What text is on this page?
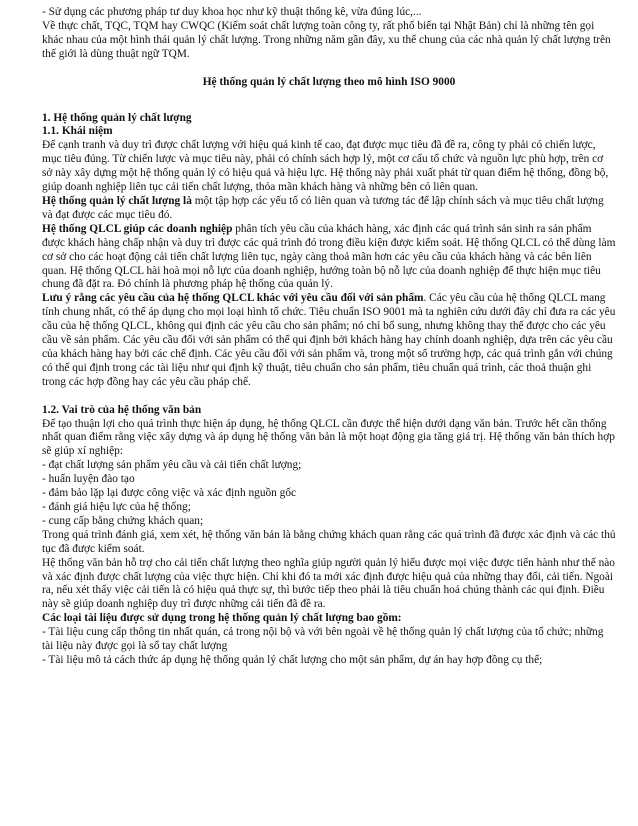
- Sử dụng các phương pháp tư duy khoa học như kỹ thuật thống kê, vừa đúng lúc,...

Về thực chất, TQC, TQM hay CWQC (Kiểm soát chất lượng toàn công ty, rất phổ biến tại Nhật Bản) chỉ là những tên gọi khác nhau của một hình thái quản lý chất lượng. Trong những năm gần đây, xu thế chung của các nhà quản lý chất lượng trên thế giới là dùng thuật ngữ TQM.

Hệ thống quản lý chất lượng theo mô hình ISO 9000

1. Hệ thống quản lý chất lượng

1.1. Khái niệm

Để cạnh tranh và duy trì được chất lượng với hiệu quả kinh tế cao, đạt được mục tiêu đã đề ra, công ty phải có chiến lược, mục tiêu đúng. Từ chiến lược và mục tiêu này, phải có chính sách hợp lý, một cơ cấu tổ chức và nguồn lực phù hợp, trên cơ sở này xây dựng một hệ thống quản lý có hiệu quả và hiệu lực. Hệ thống này phải xuất phát từ quan điểm hệ thống, đồng bộ, giúp doanh nghiệp liên tục cải tiến chất lượng, thỏa mãn khách hàng và những bên có liên quan.

Hệ thống quản lý chất lượng là một tập hợp các yếu tố có liên quan và tương tác để lập chính sách và mục tiêu chất lượng và đạt được các mục tiêu đó.

Hệ thống QLCL giúp các doanh nghiệp phân tích yêu cầu của khách hàng, xác định các quá trình sản sinh ra sản phẩm được khách hàng chấp nhận và duy trì được các quá trình đó trong điều kiện được kiểm soát. Hệ thống QLCL có thể dùng làm cơ sở cho các hoạt động cải tiến chất lượng liên tục, ngày càng thoả mãn hơn các yêu cầu của khách hàng và các bên liên quan. Hệ thống QLCL hài hoà mọi nỗ lực của doanh nghiệp, hướng toàn bộ nỗ lực của doanh nghiệp để thực hiện mục tiêu chung đã đặt ra. Đó chính là phương pháp hệ thống của quản lý.

Lưu ý rằng các yêu cầu của hệ thống QLCL khác với yêu cầu đối với sản phẩm. Các yêu cầu của hệ thống QLCL mang tính chung nhất, có thể áp dụng cho mọi loại hình tổ chức. Tiêu chuẩn ISO 9001 mà ta nghiên cứu dưới đây chỉ đưa ra các yêu cầu của hệ thống QLCL, không qui định các yêu cầu cho sản phẩm; nó chỉ bổ sung, nhưng không thay thế được cho các yêu cầu về sản phẩm. Các yêu cầu đối với sản phẩm có thể qui định bởi khách hàng hay chính doanh nghiệp, dựa trên các yêu cầu của khách hàng hay bởi các chế định. Các yêu cầu đối với sản phẩm và, trong một số trường hợp, các quá trình gắn với chúng có thể qui định trong các tài liệu như qui định kỹ thuật, tiêu chuẩn cho sản phẩm, tiêu chuẩn quá trình, các thoả thuận ghi trong các hợp đồng hay các yêu cầu pháp chế.

1.2. Vai trò của hệ thống văn bản

Để tạo thuận lợi cho quá trình thực hiện áp dụng, hệ thống QLCL cần được thể hiện dưới dạng văn bản. Trước hết cần thống nhất quan điểm rằng việc xây dựng và áp dụng hệ thống văn bản là một hoạt động gia tăng giá trị. Hệ thống văn bản thích hợp sẽ giúp xí nghiệp:

- đạt chất lượng sản phẩm yêu cầu và cải tiến chất lượng;

- huấn luyện đào tạo

- đảm bảo lặp lại được công việc và xác định nguồn gốc

- đánh giá hiệu lực của hệ thống;

- cung cấp bằng chứng khách quan;

Trong quá trình đánh giá, xem xét, hệ thống văn bản là bằng chứng khách quan rằng các quá trình đã được xác định và các thủ tục đã được kiểm soát.

Hệ thống văn bản hỗ trợ cho cải tiến chất lượng theo nghĩa giúp người quản lý hiểu được mọi việc được tiến hành như thế nào và xác định được chất lượng của việc thực hiện. Chỉ khi đó ta mới xác định được hiệu quả của những thay đổi, cải tiến. Ngoài ra, nếu xét thấy việc cải tiến là có hiệu quả thực sự, thì bước tiếp theo phải là tiêu chuẩn hoá chúng thành các qui định. Điều này sẽ giúp doanh nghiệp duy trì được những cải tiến đã đề ra.

Các loại tài liệu được sử dụng trong hệ thống quản lý chất lượng bao gồm:

- Tài liệu cung cấp thông tin nhất quán, cả trong nội bộ và với bên ngoài về hệ thống quản lý chất lượng của tổ chức; những tài liệu này được gọi là sổ tay chất lượng

- Tài liệu mô tả cách thức áp dụng hệ thống quản lý chất lượng cho một sản phẩm, dự án hay hợp đồng cụ thể;
